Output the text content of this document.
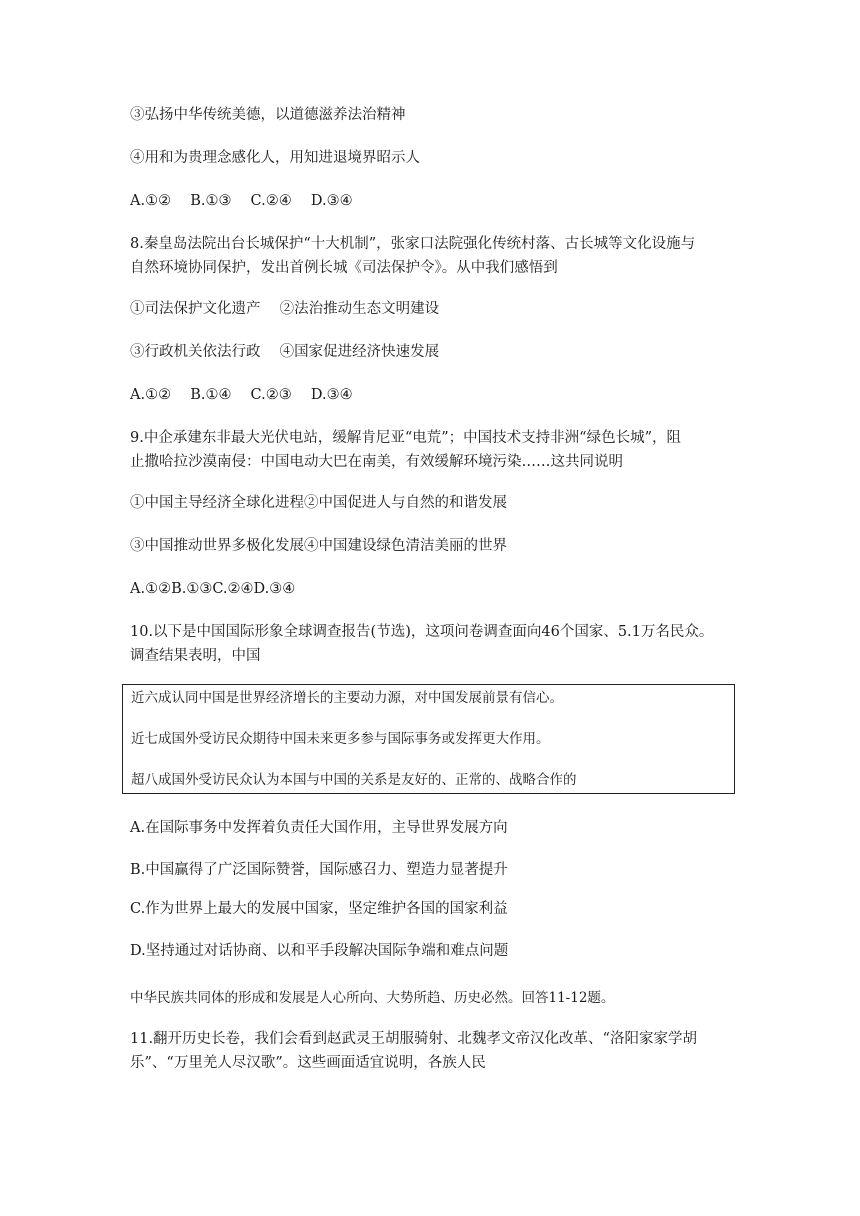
③弘扬中华传统美德，以道德滋养法治精神
④用和为贵理念感化人，用知进退境界昭示人
A.①②　 B.①③　 C.②④　 D.③④
8.秦皇岛法院出台长城保护“十大机制”，张家口法院强化传统村落、古长城等文化设施与
自然环境协同保护，发出首例长城《司法保护令》。从中我们感悟到
①司法保护文化遗产　 ②法治推动生态文明建设
③行政机关依法行政　 ④国家促进经济快速发展
A.①②　 B.①④　 C.②③　 D.③④
9.中企承建东非最大光伏电站，缓解肯尼亚“电荒”；中国技术支持非洲“绿色长城”，阻
止撒哈拉沙漠南侵：中国电动大巴在南美，有效缓解环境污染……这共同说明
①中国主导经济全球化进程②中国促进人与自然的和谐发展
③中国推动世界多极化发展④中国建设绿色清洁美丽的世界
A.①②B.①③C.②④D.③④
10.以下是中国国际形象全球调查报告(节选)，这项问卷调查面向46个国家、5.1万名民众。
调查结果表明，中国
近六成认同中国是世界经济增长的主要动力源，对中国发展前景有信心。
近七成国外受访民众期待中国未来更多参与国际事务或发挥更大作用。
超八成国外受访民众认为本国与中国的关系是友好的、正常的、战略合作的
A.在国际事务中发挥着负责任大国作用，主导世界发展方向
B.中国赢得了广泛国际赞誉，国际感召力、塑造力显著提升
C.作为世界上最大的发展中国家，坚定维护各国的国家利益
D.坚持通过对话协商、以和平手段解决国际争端和难点问题
中华民族共同体的形成和发展是人心所向、大势所趋、历史必然。回答11-12题。
11.翻开历史长卷，我们会看到赵武灵王胡服骑射、北魏孝文帝汉化改革、“洛阳家家学胡
乐”、“万里羌人尽汉歌”。这些画面适宜说明，各族人民
